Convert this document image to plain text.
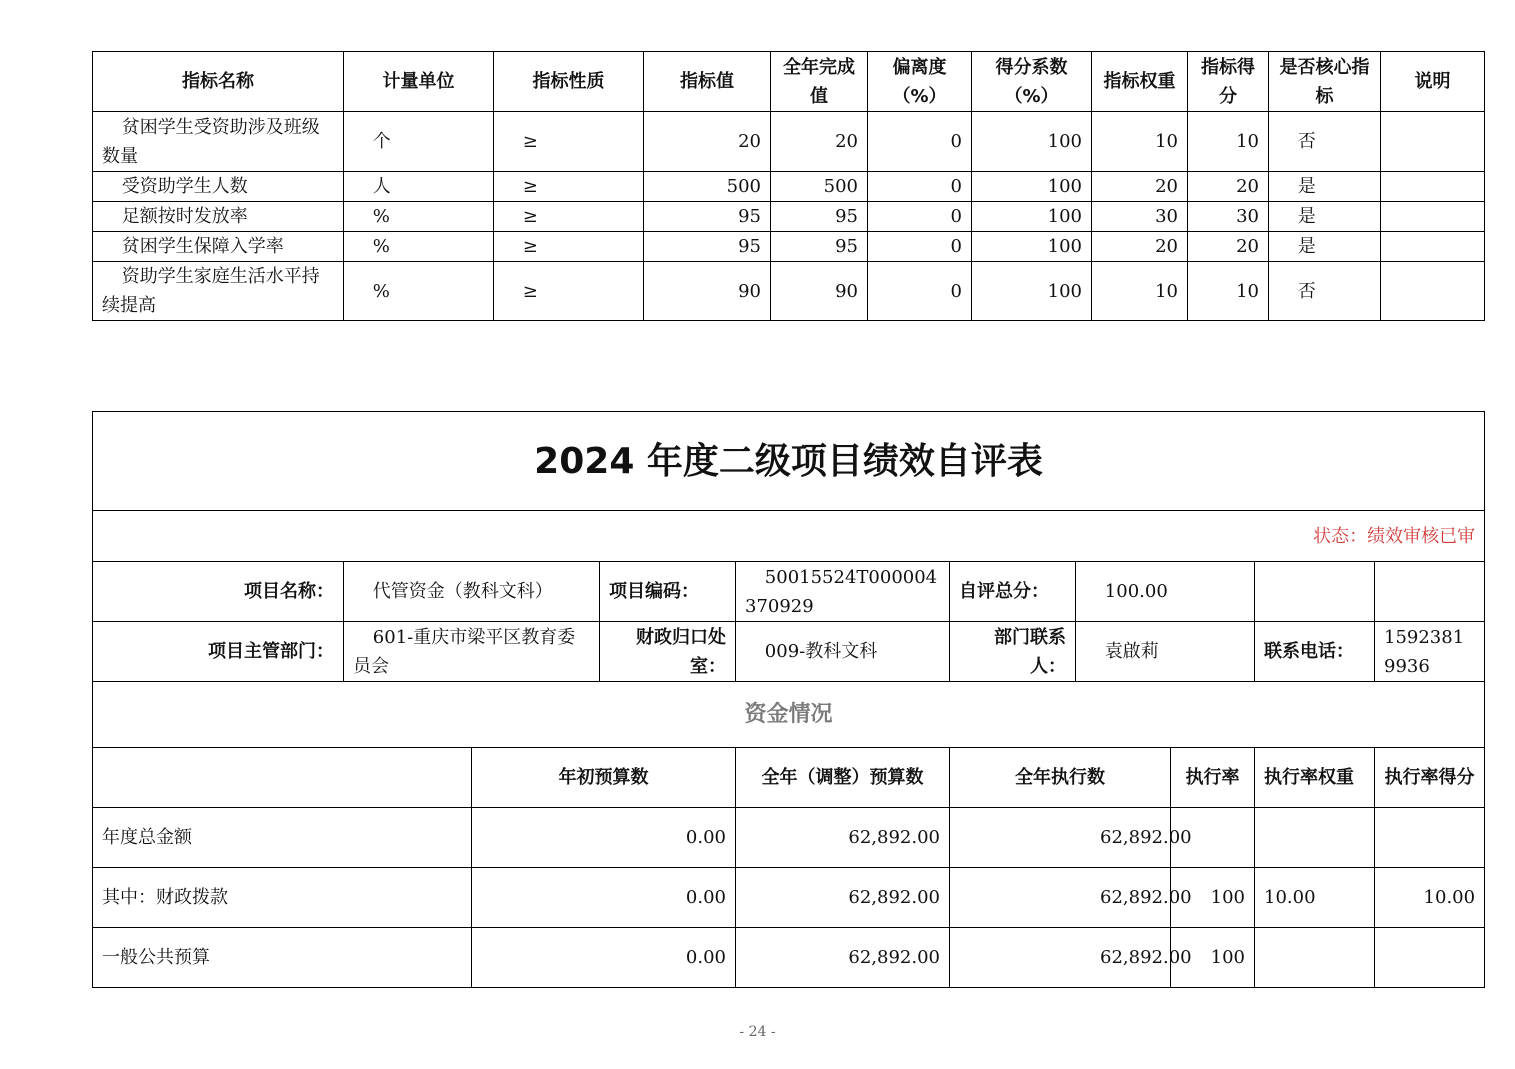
指标名称	计量单位	指标性质	指标值	全年完成值	偏离度（%）	得分系数（%）	指标权重	指标得分	是否核心指标	说明
贫困学生受资助涉及班级数量	个	≥	20	20	0	100	10	10	否	
受资助学生人数	人	≥	500	500	0	100	20	20	是	
足额按时发放率	%	≥	95	95	0	100	30	30	是	
贫困学生保障入学率	%	≥	95	95	0	100	20	20	是	
资助学生家庭生活水平持续提高	%	≥	90	90	0	100	10	10	否	
2024 年度二级项目绩效自评表									
状态：绩效审核已审									
项目名称：	代管资金（教科文科）		项目编码：	50015524T000004370929	自评总分：	100.00			
项目主管部门：	601-重庆市梁平区教育委员会		财政归口处室：	009-教科文科	部门联系人：	袁啟莉		联系电话：	15923819936
资金情况									
		年初预算数		全年（调整）预算数	全年执行数		执行率	执行率权重	执行率得分
年度总金额		0.00		62,892.00	62,892.00				
其中：财政拨款		0.00		62,892.00	62,892.00		100	10.00	10.00
一般公共预算		0.00		62,892.00	62,892.00		100		
- 24 -
